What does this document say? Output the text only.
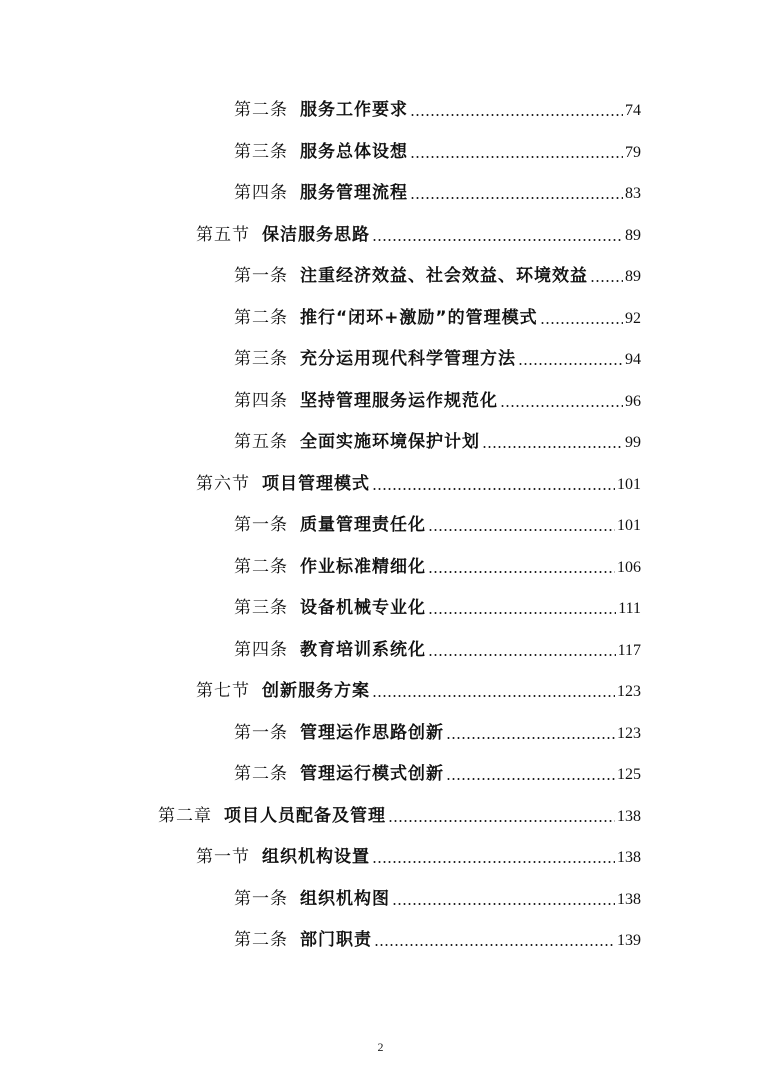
第二条 服务工作要求	74
第三条 服务总体设想	79
第四条 服务管理流程	83
第五节 保洁服务思路	89
第一条 注重经济效益、社会效益、环境效益 89
第二条 推行“闭环+激励”的管理模式	92
第三条 充分运用现代科学管理方法	94
第四条 坚持管理服务运作规范化	96
第五条 全面实施环境保护计划	99
第六节 项目管理模式	101
第一条 质量管理责任化	101
第二条 作业标准精细化	106
第三条 设备机械专业化	111
第四条 教育培训系统化	117
第七节 创新服务方案	123
第一条 管理运作思路创新	123
第二条 管理运行模式创新	125
第二章 项目人员配备及管理	138
第一节 组织机构设置	138
第一条 组织机构图	138
第二条 部门职责	139
2
